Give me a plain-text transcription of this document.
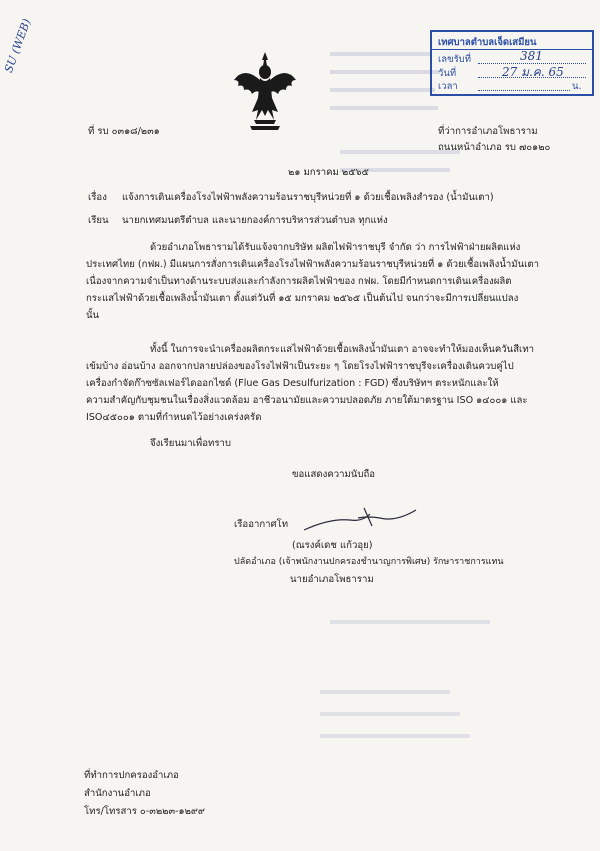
SU (WEB)	เทศบาลตำบลเจ็ดเสมียน
เลขรับที่	381
วันที่	27 ม.ค. 65
เวลา	น.
ที่ รบ ๐๓๑๘/๒๓๑	ที่ว่าการอำเภอโพธาราม
ถนนหน้าอำเภอ รบ ๗๐๑๒๐
๒๑ มกราคม ๒๕๖๕
เรื่อง แจ้งการเดินเครื่องโรงไฟฟ้าพลังความร้อนราชบุรีหน่วยที่ ๑ ด้วยเชื้อเพลิงสำรอง (น้ำมันเตา)
เรียน นายกเทศมนตรีตำบล และนายกองค์การบริหารส่วนตำบล ทุกแห่ง
ด้วยอำเภอโพธารามได้รับแจ้งจากบริษัท ผลิตไฟฟ้าราชบุรี จำกัด ว่า การไฟฟ้าฝ่ายผลิตแห่ง
ประเทศไทย (กฟผ.) มีแผนการสั่งการเดินเครื่องโรงไฟฟ้าพลังความร้อนราชบุรีหน่วยที่ ๑ ด้วยเชื้อเพลิงน้ำมันเตา
เนื่องจากความจำเป็นทางด้านระบบส่งและกำลังการผลิตไฟฟ้าของ กฟผ. โดยมีกำหนดการเดินเครื่องผลิต
กระแสไฟฟ้าด้วยเชื้อเพลิงน้ำมันเตา ตั้งแต่วันที่ ๑๕ มกราคม ๒๕๖๕ เป็นต้นไป จนกว่าจะมีการเปลี่ยนแปลง
นั้น
ทั้งนี้ ในการจะนำเครื่องผลิตกระแสไฟฟ้าด้วยเชื้อเพลิงน้ำมันเตา อาจจะทำให้มองเห็นควันสีเทา
เข้มบ้าง อ่อนบ้าง ออกจากปลายปล่องของโรงไฟฟ้าเป็นระยะ ๆ โดยโรงไฟฟ้าราชบุรีจะเครื่องเดินควบคู่ไป
เครื่องกำจัดก๊าซซัลเฟอร์ไดออกไซด์ (Flue Gas Desulfurization : FGD) ซึ่งบริษัทฯ ตระหนักและให้
ความสำคัญกับชุมชนในเรื่องสิ่งแวดล้อม อาชีวอนามัยและความปลอดภัย ภายใต้มาตรฐาน ISO ๑๔๐๐๑ และ
ISO๔๕๐๐๑ ตามที่กำหนดไว้อย่างเคร่งครัด
จึงเรียนมาเพื่อทราบ
ขอแสดงความนับถือ
เรืออากาศโท
(ณรงค์เดช แก้วอุย)
ปลัดอำเภอ (เจ้าพนักงานปกครองชำนาญการพิเศษ) รักษาราชการแทน
นายอำเภอโพธาราม
ที่ทำการปกครองอำเภอ
สำนักงานอำเภอ
โทร/โทรสาร ๐-๓๒๒๓-๑๒๙๙
